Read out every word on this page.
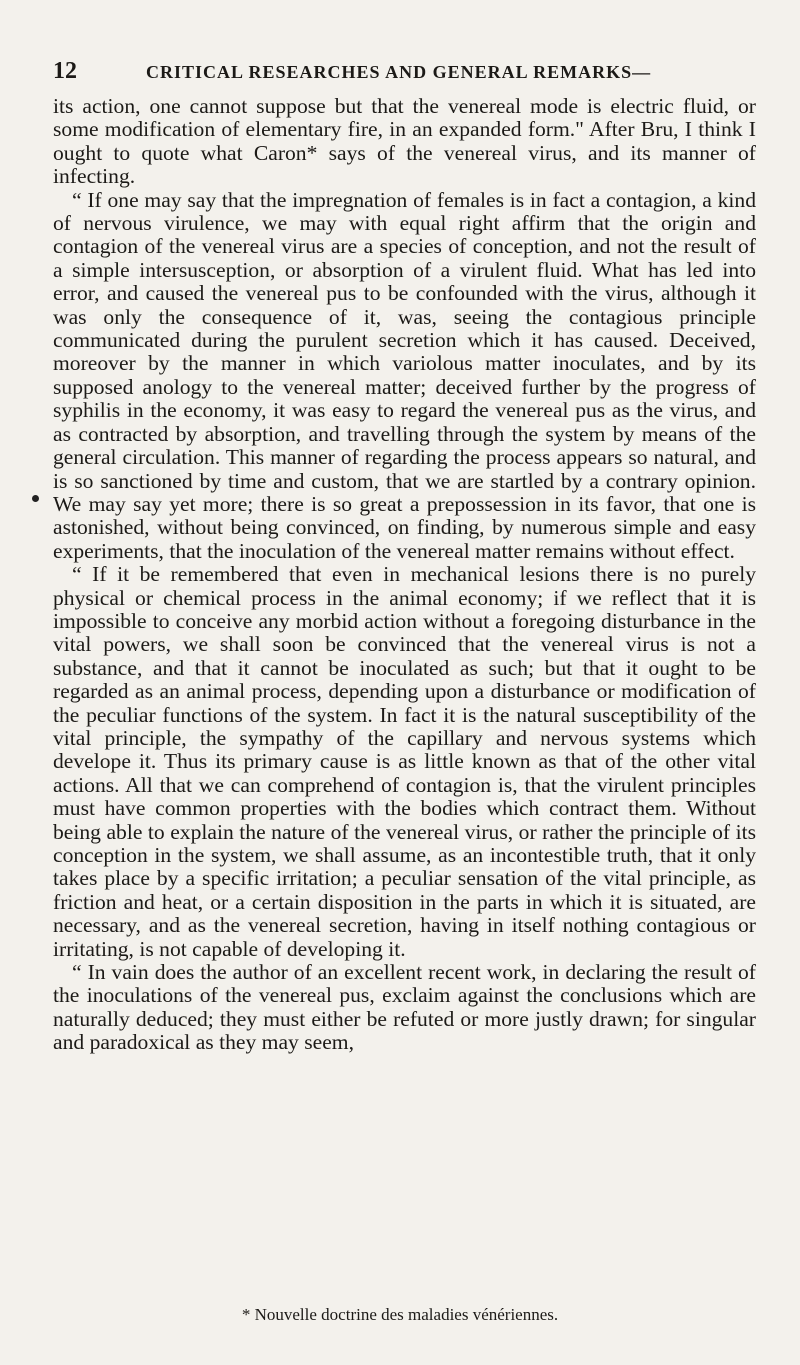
12	CRITICAL RESEARCHES AND GENERAL REMARKS—

its action, one cannot suppose but that the venereal mode is electric fluid, or some modification of elementary fire, in an expanded form." After Bru, I think I ought to quote what Caron* says of the venereal virus, and its manner of infecting.

“ If one may say that the impregnation of females is in fact a contagion, a kind of nervous virulence, we may with equal right affirm that the origin and contagion of the venereal virus are a species of conception, and not the result of a simple intersusception, or absorption of a virulent fluid. What has led into error, and caused the venereal pus to be confounded with the virus, although it was only the consequence of it, was, seeing the contagious principle communicated during the purulent secretion which it has caused. Deceived, moreover by the manner in which variolous matter inoculates, and by its supposed anology to the venereal matter; deceived further by the progress of syphilis in the economy, it was easy to regard the venereal pus as the virus, and as contracted by absorption, and travelling through the system by means of the general circulation. This manner of regarding the process appears so natural, and is so sanctioned by time and custom, that we are startled by a contrary opinion. We may say yet more; there is so great a prepossession in its favor, that one is astonished, without being convinced, on finding, by numerous simple and easy experiments, that the inoculation of the venereal matter remains without effect.

“ If it be remembered that even in mechanical lesions there is no purely physical or chemical process in the animal economy; if we reflect that it is impossible to conceive any morbid action without a foregoing disturbance in the vital powers, we shall soon be convinced that the venereal virus is not a substance, and that it cannot be inoculated as such; but that it ought to be regarded as an animal process, depending upon a disturbance or modification of the peculiar functions of the system. In fact it is the natural susceptibility of the vital principle, the sympathy of the capillary and nervous systems which develope it. Thus its primary cause is as little known as that of the other vital actions. All that we can comprehend of contagion is, that the virulent principles must have common properties with the bodies which contract them. Without being able to explain the nature of the venereal virus, or rather the principle of its conception in the system, we shall assume, as an incontestible truth, that it only takes place by a specific irritation; a peculiar sensation of the vital principle, as friction and heat, or a certain disposition in the parts in which it is situated, are necessary, and as the venereal secretion, having in itself nothing contagious or irritating, is not capable of developing it.

“ In vain does the author of an excellent recent work, in declaring the result of the inoculations of the venereal pus, exclaim against the conclusions which are naturally deduced; they must either be refuted or more justly drawn; for singular and paradoxical as they may seem,

* Nouvelle doctrine des maladies vénériennes.
